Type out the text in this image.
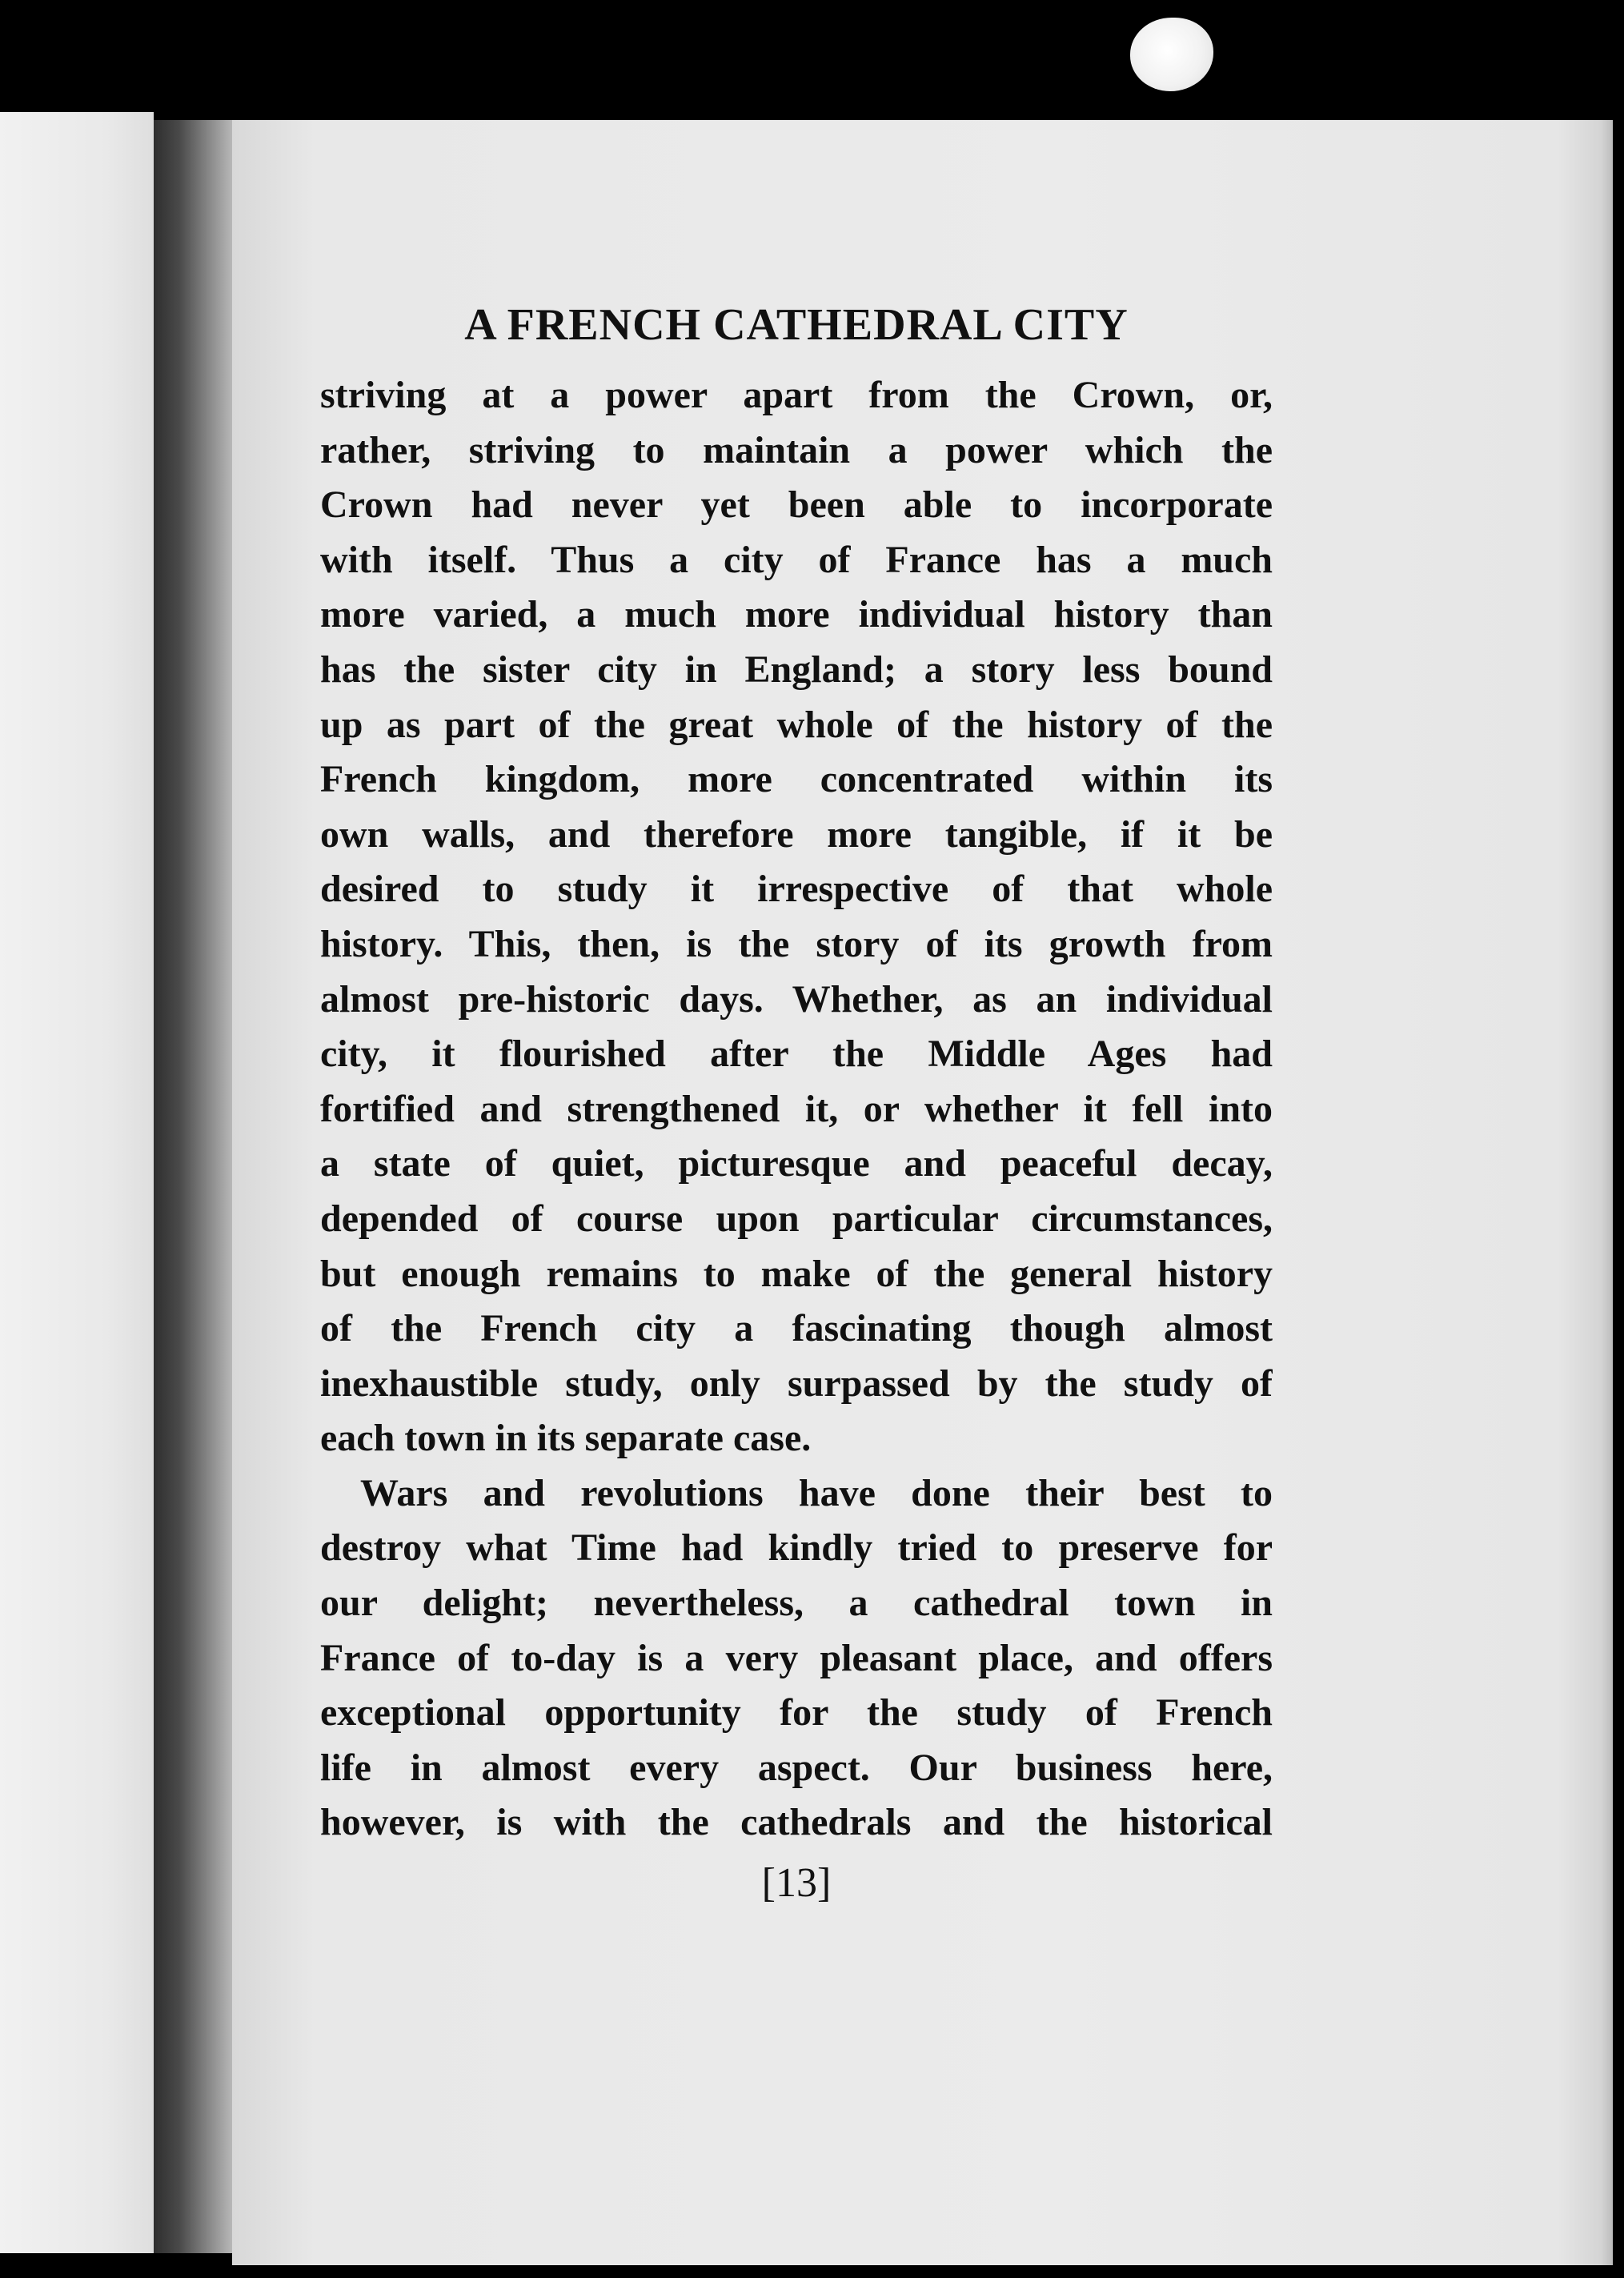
A FRENCH CATHEDRAL CITY
striving at a power apart from the Crown, or,
rather, striving to maintain a power which the
Crown had never yet been able to incorporate
with itself. Thus a city of France has a much
more varied, a much more individual history than
has the sister city in England; a story less bound
up as part of the great whole of the history of the
French kingdom, more concentrated within its
own walls, and therefore more tangible, if it be
desired to study it irrespective of that whole
history. This, then, is the story of its growth from
almost pre-historic days. Whether, as an individual
city, it flourished after the Middle Ages had
fortified and strengthened it, or whether it fell into
a state of quiet, picturesque and peaceful decay,
depended of course upon particular circumstances,
but enough remains to make of the general history
of the French city a fascinating though almost
inexhaustible study, only surpassed by the study of
each town in its separate case.
Wars and revolutions have done their best to
destroy what Time had kindly tried to preserve for
our delight; nevertheless, a cathedral town in
France of to-day is a very pleasant place, and offers
exceptional opportunity for the study of French
life in almost every aspect. Our business here,
however, is with the cathedrals and the historical
[13]
